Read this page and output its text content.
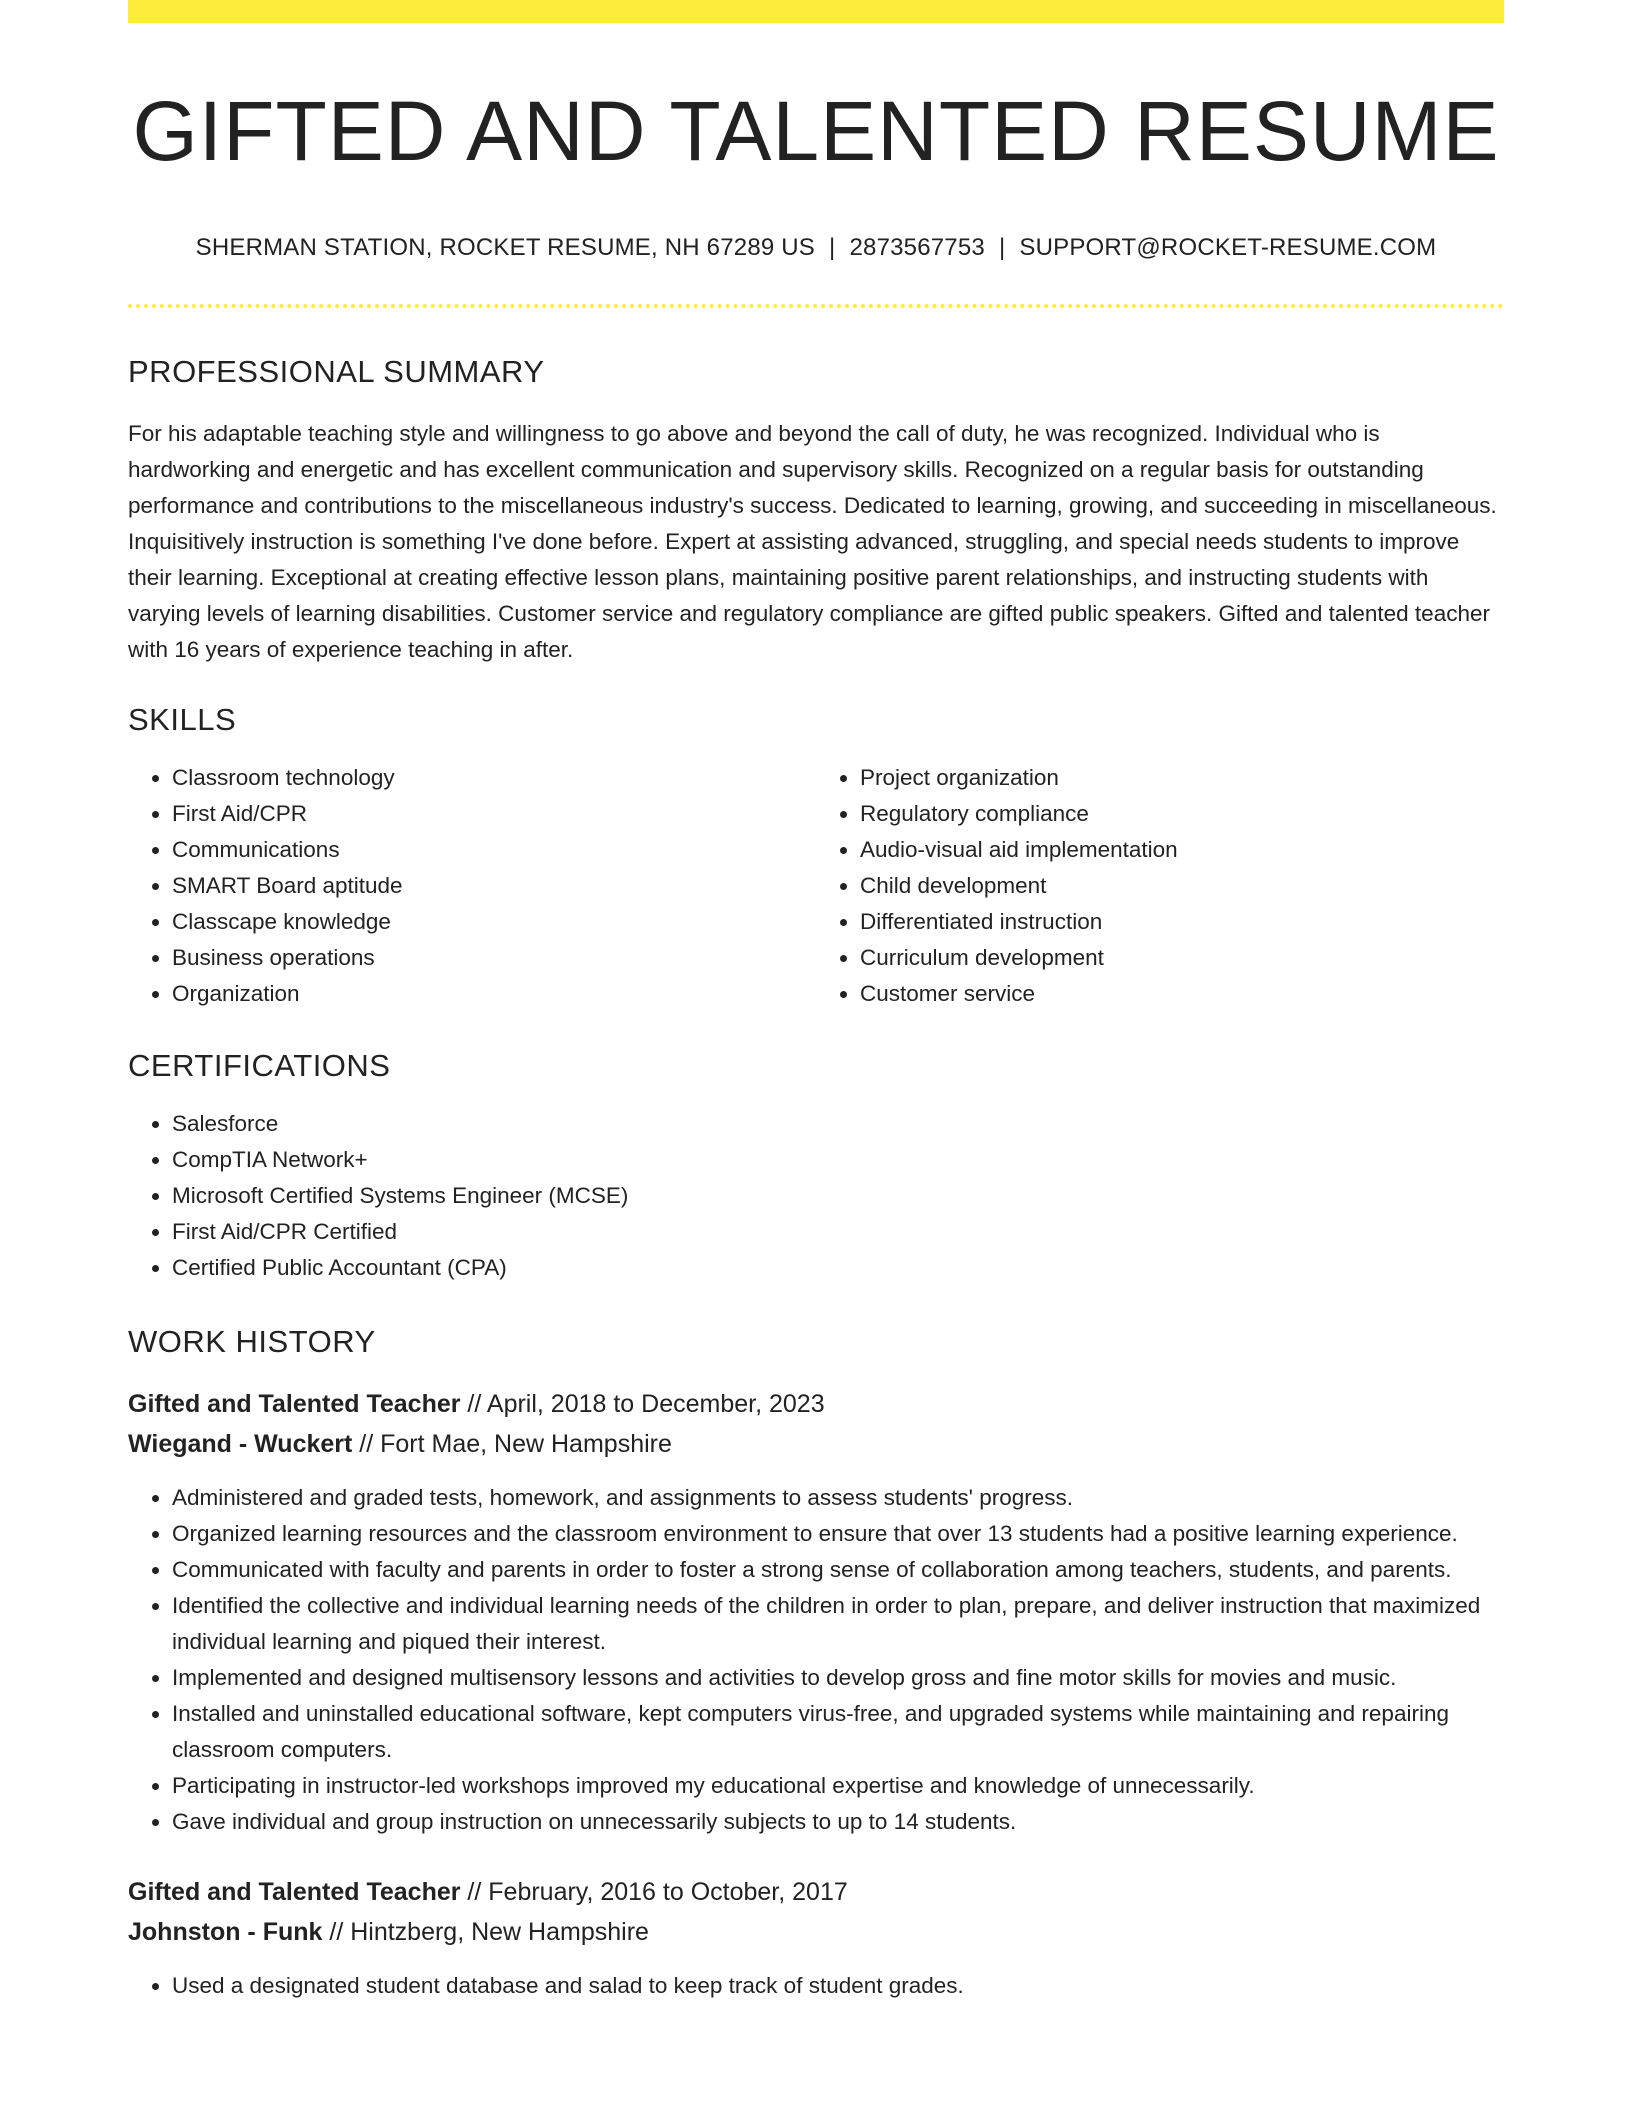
GIFTED AND TALENTED RESUME
SHERMAN STATION, ROCKET RESUME, NH 67289 US | 2873567753 | SUPPORT@ROCKET-RESUME.COM
PROFESSIONAL SUMMARY

For his adaptable teaching style and willingness to go above and beyond the call of duty, he was recognized. Individual who is hardworking and energetic and has excellent communication and supervisory skills. Recognized on a regular basis for outstanding performance and contributions to the miscellaneous industry's success. Dedicated to learning, growing, and succeeding in miscellaneous. Inquisitively instruction is something I've done before. Expert at assisting advanced, struggling, and special needs students to improve their learning. Exceptional at creating effective lesson plans, maintaining positive parent relationships, and instructing students with varying levels of learning disabilities. Customer service and regulatory compliance are gifted public speakers. Gifted and talented teacher with 16 years of experience teaching in after.

SKILLS
• Classroom technology
• First Aid/CPR
• Communications
• SMART Board aptitude
• Classcape knowledge
• Business operations
• Organization
• Project organization
• Regulatory compliance
• Audio-visual aid implementation
• Child development
• Differentiated instruction
• Curriculum development
• Customer service
CERTIFICATIONS
• Salesforce
• CompTIA Network+
• Microsoft Certified Systems Engineer (MCSE)
• First Aid/CPR Certified
• Certified Public Accountant (CPA)
WORK HISTORY
Gifted and Talented Teacher // April, 2018 to December, 2023
Wiegand - Wuckert // Fort Mae, New Hampshire
• Administered and graded tests, homework, and assignments to assess students' progress.
• Organized learning resources and the classroom environment to ensure that over 13 students had a positive learning experience.
• Communicated with faculty and parents in order to foster a strong sense of collaboration among teachers, students, and parents.
• Identified the collective and individual learning needs of the children in order to plan, prepare, and deliver instruction that maximized individual learning and piqued their interest.
• Implemented and designed multisensory lessons and activities to develop gross and fine motor skills for movies and music.
• Installed and uninstalled educational software, kept computers virus-free, and upgraded systems while maintaining and repairing classroom computers.
• Participating in instructor-led workshops improved my educational expertise and knowledge of unnecessarily.
• Gave individual and group instruction on unnecessarily subjects to up to 14 students.
Gifted and Talented Teacher // February, 2016 to October, 2017
Johnston - Funk // Hintzberg, New Hampshire
• Used a designated student database and salad to keep track of student grades.
